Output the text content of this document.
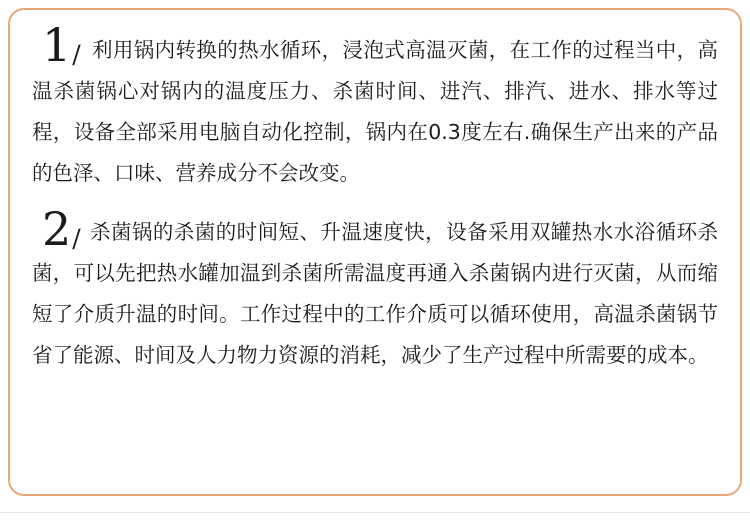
1/ 利用锅内转换的热水循环，浸泡式高温灭菌，在工作的过程当中，高温杀菌锅心对锅内的温度压力、杀菌时间、进汽、排汽、进水、排水等过程，设备全部采用电脑自动化控制，锅内在0.3度左右.确保生产出来的产品的色泽、口味、营养成分不会改变。

2/ 杀菌锅的杀菌的时间短、升温速度快，设备采用双罐热水水浴循环杀菌，可以先把热水罐加温到杀菌所需温度再通入杀菌锅内进行灭菌，从而缩短了介质升温的时间。工作过程中的工作介质可以循环使用，高温杀菌锅节省了能源、时间及人力物力资源的消耗，减少了生产过程中所需要的成本。
